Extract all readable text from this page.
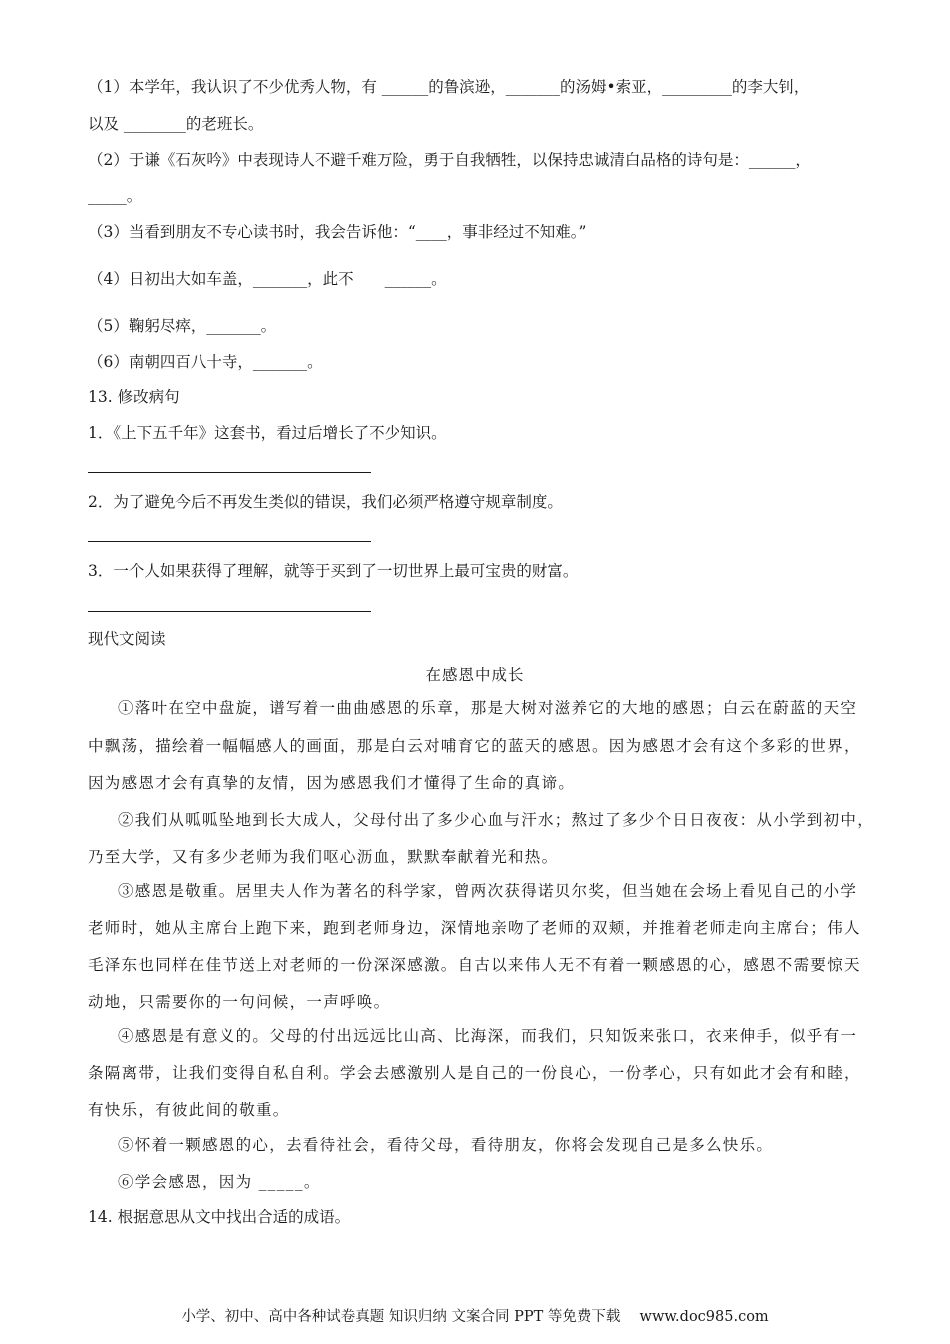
（1）本学年，我认识了不少优秀人物，有 ______的鲁滨逊，_______的汤姆•索亚，_________的李大钊，
以及 ________的老班长。
（2）于谦《石灰吟》中表现诗人不避千难万险，勇于自我牺牲，以保持忠诚清白品格的诗句是：______，
_____。
（3）当看到朋友不专心读书时，我会告诉他：“____，事非经过不知难。”
（4）日初出大如车盖，_______，此不　　______。
（5）鞠躬尽瘁，_______。
（6）南朝四百八十寺，_______。
13. 修改病句
1．《上下五千年》这套书，看过后增长了不少知识。
2．为了避免今后不再发生类似的错误，我们必须严格遵守规章制度。
3．一个人如果获得了理解，就等于买到了一切世界上最可宝贵的财富。
现代文阅读
在感恩中成长
①落叶在空中盘旋，谱写着一曲曲感恩的乐章，那是大树对滋养它的大地的感恩；白云在蔚蓝的天空
中飘荡，描绘着一幅幅感人的画面，那是白云对哺育它的蓝天的感恩。因为感恩才会有这个多彩的世界，
因为感恩才会有真挚的友情，因为感恩我们才懂得了生命的真谛。
②我们从呱呱坠地到长大成人，父母付出了多少心血与汗水；熬过了多少个日日夜夜：从小学到初中，
乃至大学，又有多少老师为我们呕心沥血，默默奉献着光和热。
③感恩是敬重。居里夫人作为著名的科学家，曾两次获得诺贝尔奖，但当她在会场上看见自己的小学
老师时，她从主席台上跑下来，跑到老师身边，深情地亲吻了老师的双颊，并推着老师走向主席台；伟人
毛泽东也同样在佳节送上对老师的一份深深感激。自古以来伟人无不有着一颗感恩的心，感恩不需要惊天
动地，只需要你的一句问候，一声呼唤。
④感恩是有意义的。父母的付出远远比山高、比海深，而我们，只知饭来张口，衣来伸手，似乎有一
条隔离带，让我们变得自私自利。学会去感激别人是自己的一份良心，一份孝心，只有如此才会有和睦，
有快乐，有彼此间的敬重。
⑤怀着一颗感恩的心，去看待社会，看待父母，看待朋友，你将会发现自己是多么快乐。
⑥学会感恩，因为 _____。
14. 根据意思从文中找出合适的成语。
小学、初中、高中各种试卷真题 知识归纳 文案合同 PPT 等免费下载　 www.doc985.com
